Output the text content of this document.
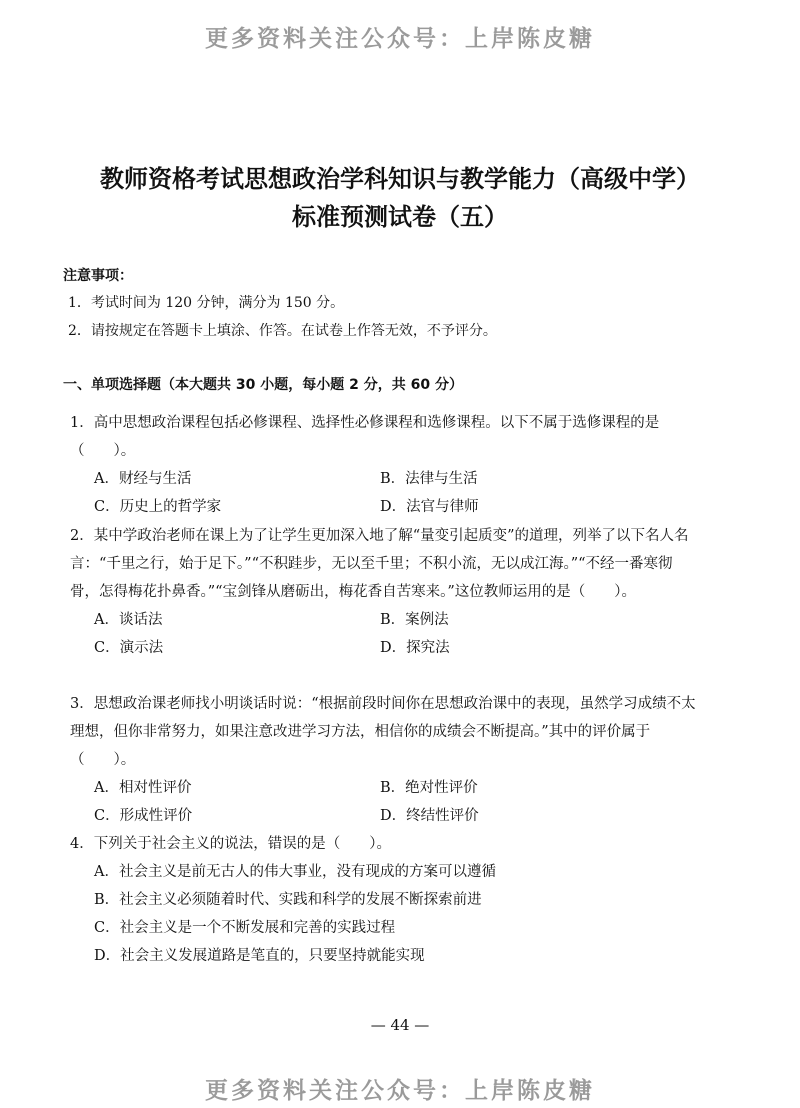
更多资料关注公众号：上岸陈皮糖
教师资格考试思想政治学科知识与教学能力（高级中学）
标准预测试卷（五）
注意事项：
1．考试时间为 120 分钟，满分为 150 分。
2．请按规定在答题卡上填涂、作答。在试卷上作答无效，不予评分。
一、单项选择题（本大题共 30 小题，每小题 2 分，共 60 分）
1．高中思想政治课程包括必修课程、选择性必修课程和选修课程。以下不属于选修课程的是（　　）。
A．财经与生活	B．法律与生活
C．历史上的哲学家	D．法官与律师
2．某中学政治老师在课上为了让学生更加深入地了解“量变引起质变”的道理，列举了以下名人名言：“千里之行，始于足下。”“不积跬步，无以至千里；不积小流，无以成江海。”“不经一番寒彻骨，怎得梅花扑鼻香。”“宝剑锋从磨砺出，梅花香自苦寒来。”这位教师运用的是（　　）。
A．谈话法	B．案例法
C．演示法	D．探究法
3．思想政治课老师找小明谈话时说：“根据前段时间你在思想政治课中的表现，虽然学习成绩不太理想，但你非常努力，如果注意改进学习方法，相信你的成绩会不断提高。”其中的评价属于（　　）。
A．相对性评价	B．绝对性评价
C．形成性评价	D．终结性评价
4．下列关于社会主义的说法，错误的是（　　）。
A．社会主义是前无古人的伟大事业，没有现成的方案可以遵循
B．社会主义必须随着时代、实践和科学的发展不断探索前进
C．社会主义是一个不断发展和完善的实践过程
D．社会主义发展道路是笔直的，只要坚持就能实现
— 44 —
更多资料关注公众号：上岸陈皮糖
